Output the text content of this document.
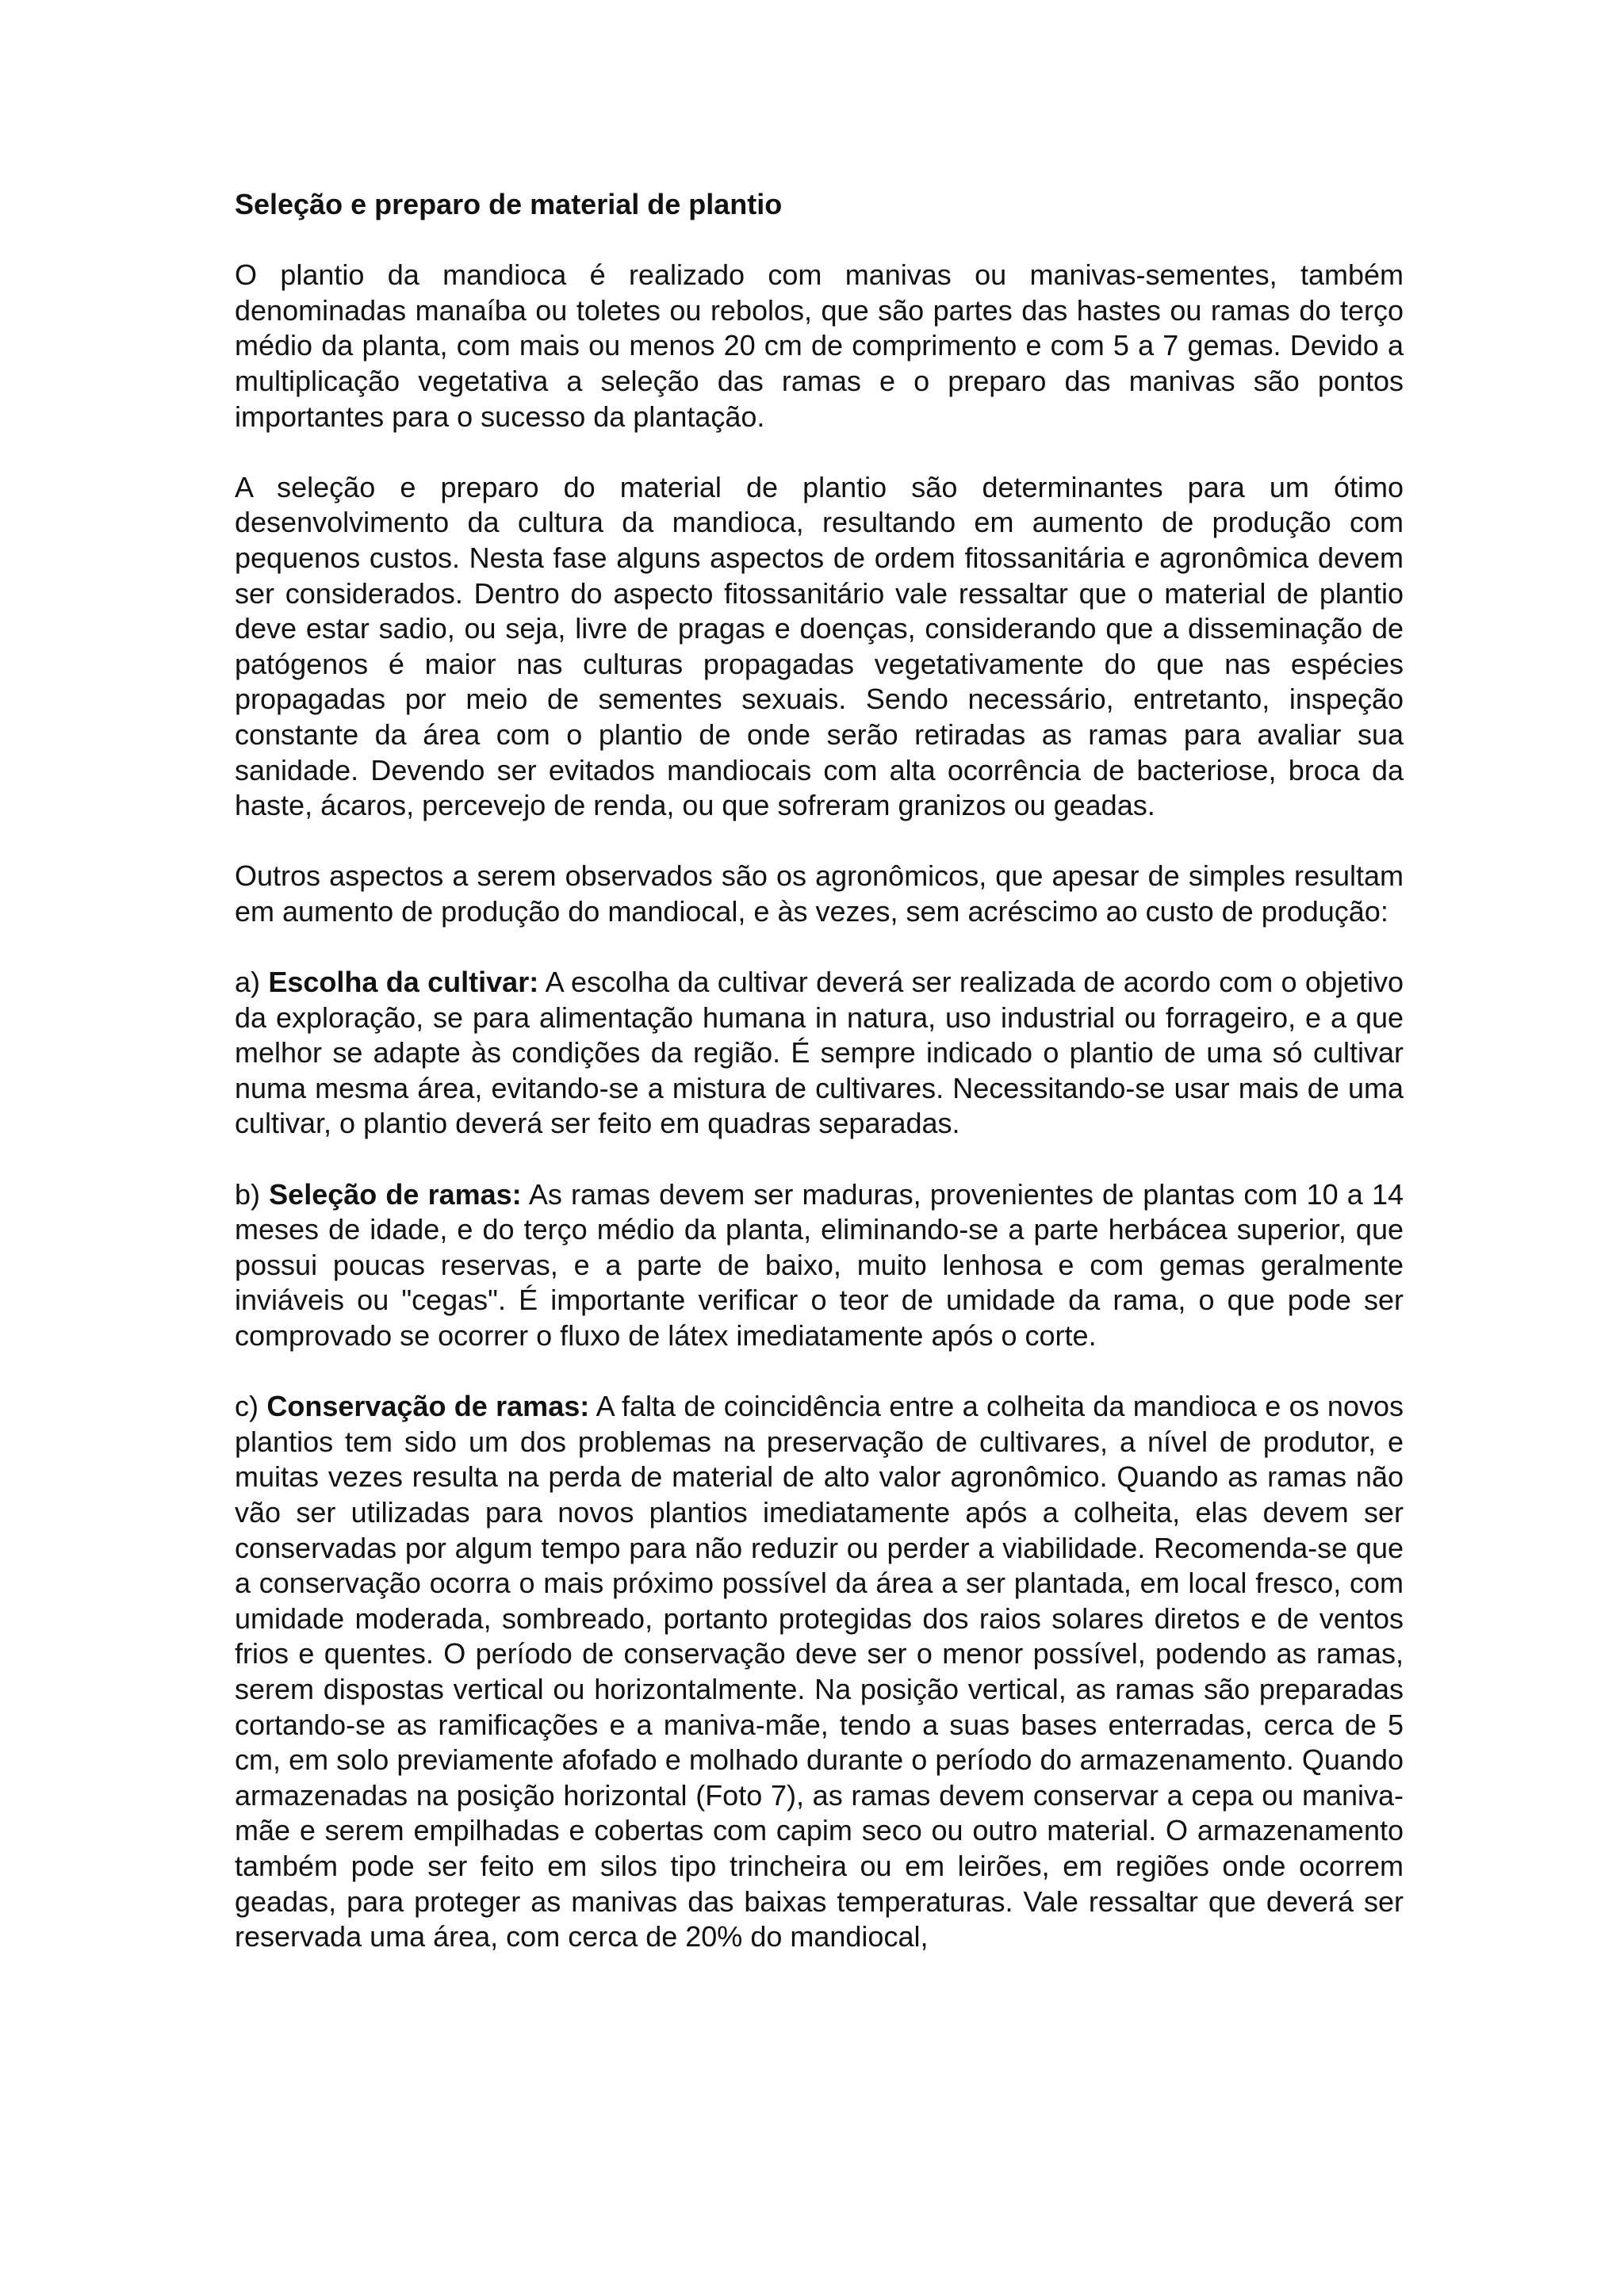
Seleção e preparo de material de plantio

O plantio da mandioca é realizado com manivas ou manivas-sementes, também denominadas manaíba ou toletes ou rebolos, que são partes das hastes ou ramas do terço médio da planta, com mais ou menos 20 cm de comprimento e com 5 a 7 gemas. Devido a multiplicação vegetativa a seleção das ramas e o preparo das manivas são pontos importantes para o sucesso da plantação.

A seleção e preparo do material de plantio são determinantes para um ótimo desenvolvimento da cultura da mandioca, resultando em aumento de produção com pequenos custos. Nesta fase alguns aspectos de ordem fitossanitária e agronômica devem ser considerados. Dentro do aspecto fitossanitário vale ressaltar que o material de plantio deve estar sadio, ou seja, livre de pragas e doenças, considerando que a disseminação de patógenos é maior nas culturas propagadas vegetativamente do que nas espécies propagadas por meio de sementes sexuais. Sendo necessário, entretanto, inspeção constante da área com o plantio de onde serão retiradas as ramas para avaliar sua sanidade. Devendo ser evitados mandiocais com alta ocorrência de bacteriose, broca da haste, ácaros, percevejo de renda, ou que sofreram granizos ou geadas.

Outros aspectos a serem observados são os agronômicos, que apesar de simples resultam em aumento de produção do mandiocal, e às vezes, sem acréscimo ao custo de produção:

a) Escolha da cultivar: A escolha da cultivar deverá ser realizada de acordo com o objetivo da exploração, se para alimentação humana in natura, uso industrial ou forrageiro, e a que melhor se adapte às condições da região. É sempre indicado o plantio de uma só cultivar numa mesma área, evitando-se a mistura de cultivares. Necessitando-se usar mais de uma cultivar, o plantio deverá ser feito em quadras separadas.

b) Seleção de ramas: As ramas devem ser maduras, provenientes de plantas com 10 a 14 meses de idade, e do terço médio da planta, eliminando-se a parte herbácea superior, que possui poucas reservas, e a parte de baixo, muito lenhosa e com gemas geralmente inviáveis ou "cegas". É importante verificar o teor de umidade da rama, o que pode ser comprovado se ocorrer o fluxo de látex imediatamente após o corte.

c) Conservação de ramas: A falta de coincidência entre a colheita da mandioca e os novos plantios tem sido um dos problemas na preservação de cultivares, a nível de produtor, e muitas vezes resulta na perda de material de alto valor agronômico. Quando as ramas não vão ser utilizadas para novos plantios imediatamente após a colheita, elas devem ser conservadas por algum tempo para não reduzir ou perder a viabilidade. Recomenda-se que a conservação ocorra o mais próximo possível da área a ser plantada, em local fresco, com umidade moderada, sombreado, portanto protegidas dos raios solares diretos e de ventos frios e quentes. O período de conservação deve ser o menor possível, podendo as ramas, serem dispostas vertical ou horizontalmente. Na posição vertical, as ramas são preparadas cortando-se as ramificações e a maniva-mãe, tendo a suas bases enterradas, cerca de 5 cm, em solo previamente afofado e molhado durante o período do armazenamento. Quando armazenadas na posição horizontal (Foto 7), as ramas devem conservar a cepa ou maniva-mãe e serem empilhadas e cobertas com capim seco ou outro material. O armazenamento também pode ser feito em silos tipo trincheira ou em leirões, em regiões onde ocorrem geadas, para proteger as manivas das baixas temperaturas. Vale ressaltar que deverá ser reservada uma área, com cerca de 20% do mandiocal,
